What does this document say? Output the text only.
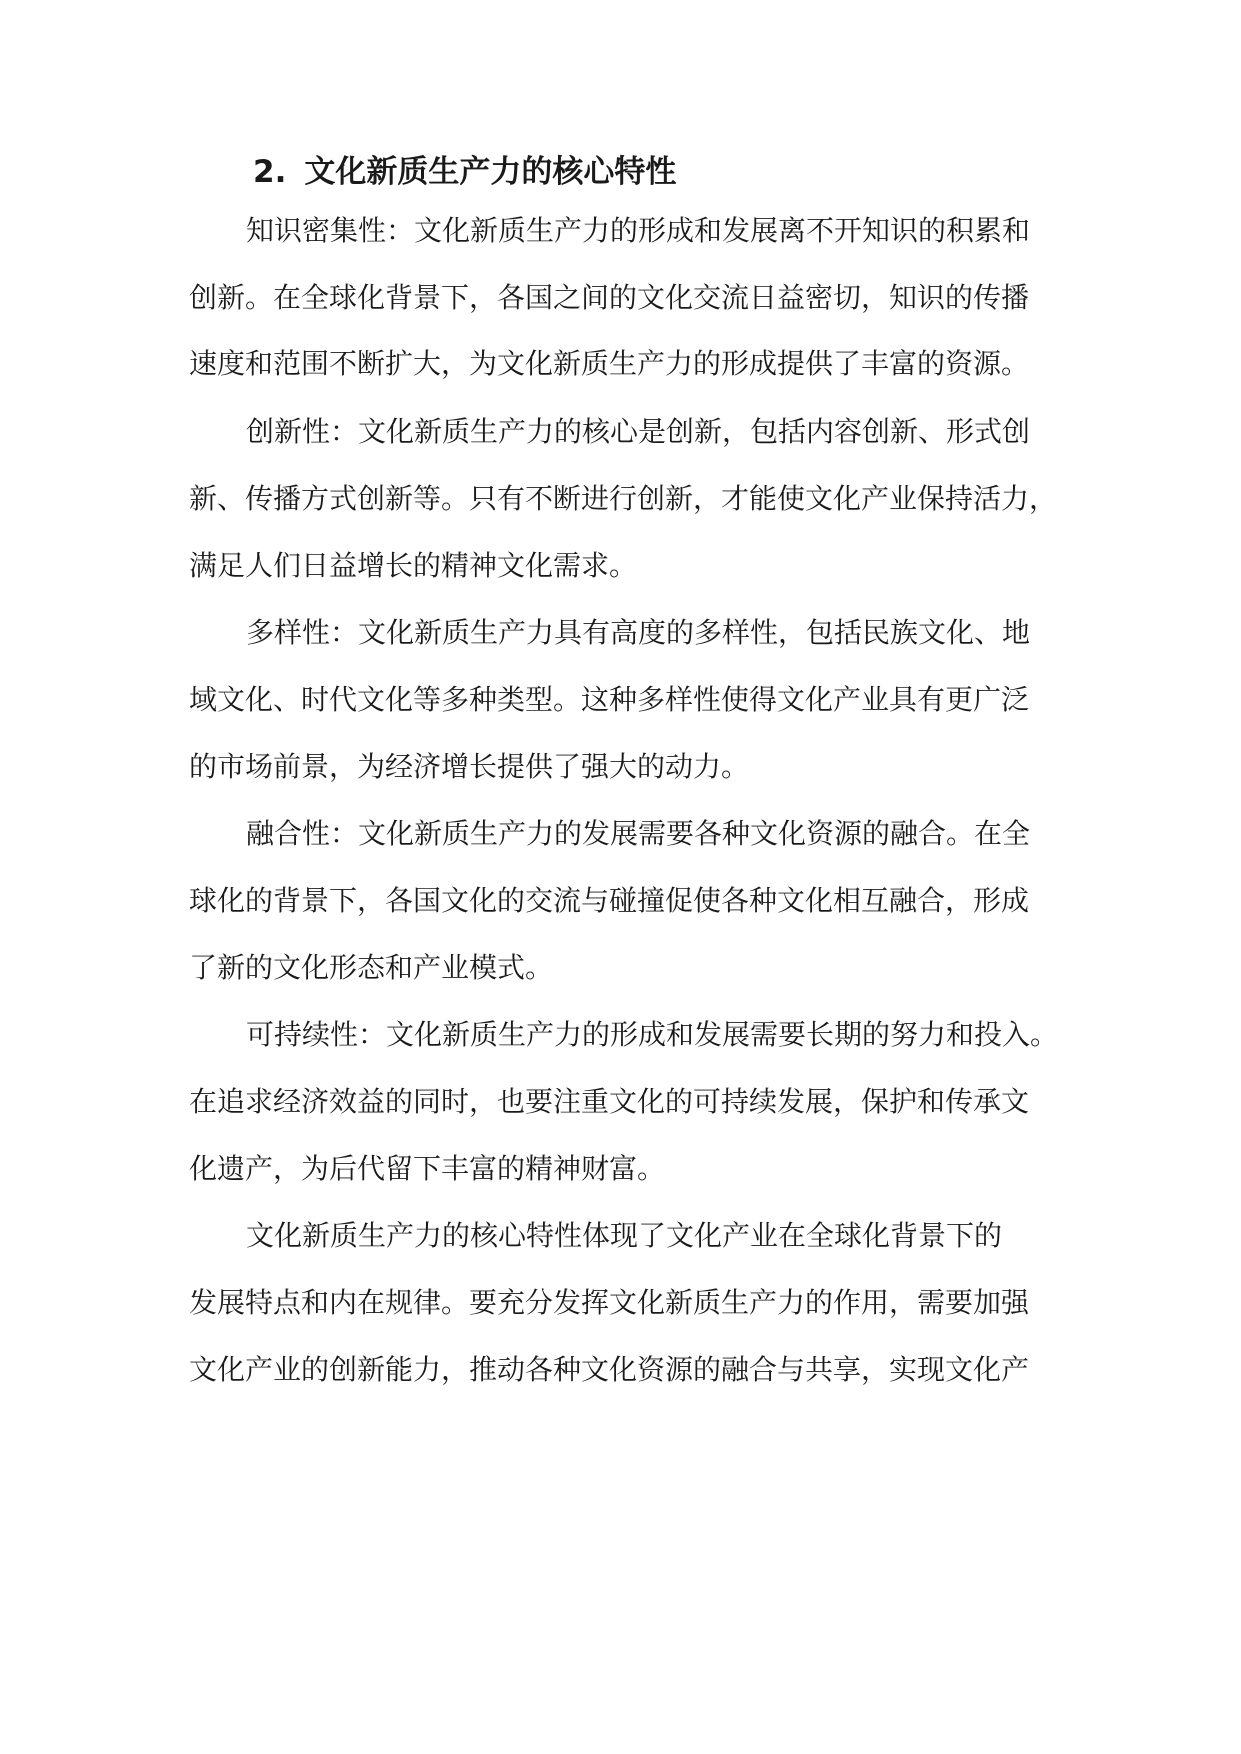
2. 文化新质生产力的核心特性
知识密集性：文化新质生产力的形成和发展离不开知识的积累和
创新。在全球化背景下，各国之间的文化交流日益密切，知识的传播
速度和范围不断扩大，为文化新质生产力的形成提供了丰富的资源。
创新性：文化新质生产力的核心是创新，包括内容创新、形式创
新、传播方式创新等。只有不断进行创新，才能使文化产业保持活力，
满足人们日益增长的精神文化需求。
多样性：文化新质生产力具有高度的多样性，包括民族文化、地
域文化、时代文化等多种类型。这种多样性使得文化产业具有更广泛
的市场前景，为经济增长提供了强大的动力。
融合性：文化新质生产力的发展需要各种文化资源的融合。在全
球化的背景下，各国文化的交流与碰撞促使各种文化相互融合，形成
了新的文化形态和产业模式。
可持续性：文化新质生产力的形成和发展需要长期的努力和投入。
在追求经济效益的同时，也要注重文化的可持续发展，保护和传承文
化遗产，为后代留下丰富的精神财富。
文化新质生产力的核心特性体现了文化产业在全球化背景下的
发展特点和内在规律。要充分发挥文化新质生产力的作用，需要加强
文化产业的创新能力，推动各种文化资源的融合与共享，实现文化产
